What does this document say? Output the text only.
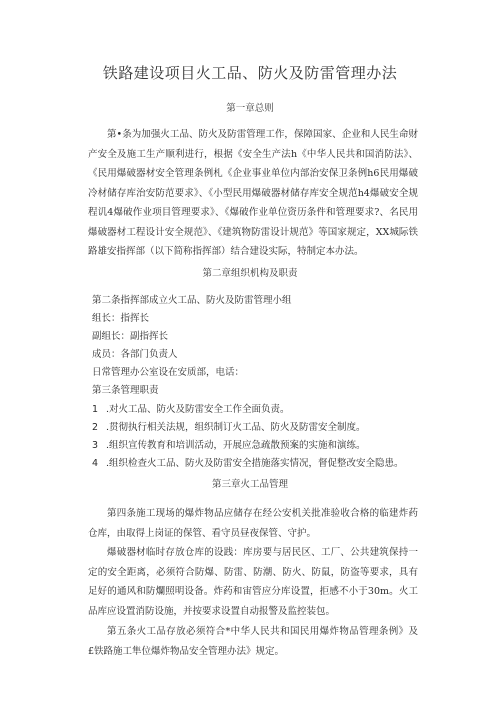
铁路建设项目火工品、防火及防雷管理办法
第一章总则
第•条为加强火工品、防火及防雷管理工作，保障国家、企业和人民生命财产安全及施工生产顺利进行，根据《安全生产法h《中华人民共和国消防法》、《民用爆破器材安全管理条例札《企业事业单位内部治安保卫条例h6民用爆破冷材储存库治安防范要求》、《小型民用爆破器材储存库安全规范h4爆破安全规程讥4爆破作业项目管理要求》、《爆破作业单位资历条件和管理要求?、名民用爆破器材工程设计安全规范》、《建筑物防雷设计规范》等国家规定，XX城际铁路雄安指挥部（以下简称指挥部）结合建设实际，特制定本办法。
第二章组织机构及职责
第二条指挥部成立火工品、防火及防雷管理小组
组长：指挥长
副组长：副指挥长
成员：各部门负责人
日常管理办公室设在安质部，电话：
第三条管理职责
1 .对火工品、防火及防雷安全工作全面负责。
2 .贯彻执行相关法规，组织制订火工品、防火及防雷安全制度。
3 .组织宣传教育和培训活动，开展应急疏散预案的实施和演练。
4 .组织检查火工品、防火及防雷安全措施落实情况，督促整改安全隐患。
第三章火工品管理
第四条施工现场的爆炸物品应储存在经公安机关批准验收合格的临建炸药仓库，由取得上岗证的保管、看守员昼夜保管、守护。
爆破器材临时存放仓库的设践：库房要与居民区、工厂、公共建筑保持一定的安全距离，必须符合防爆、防雷、防潮、防火、防鼠，防盗等要求，具有足好的通风和防爛照明设备。炸药和宙管应分库设置，拒感不小于30m。火工品库应设置消防设施，并按要求设置自动报警及监控装包。
第五条火工品存放必须符合*中华人民共和国民用爆炸物品管理条例》及£铁路施工隼位爆炸物品安全管理办法》规定。
